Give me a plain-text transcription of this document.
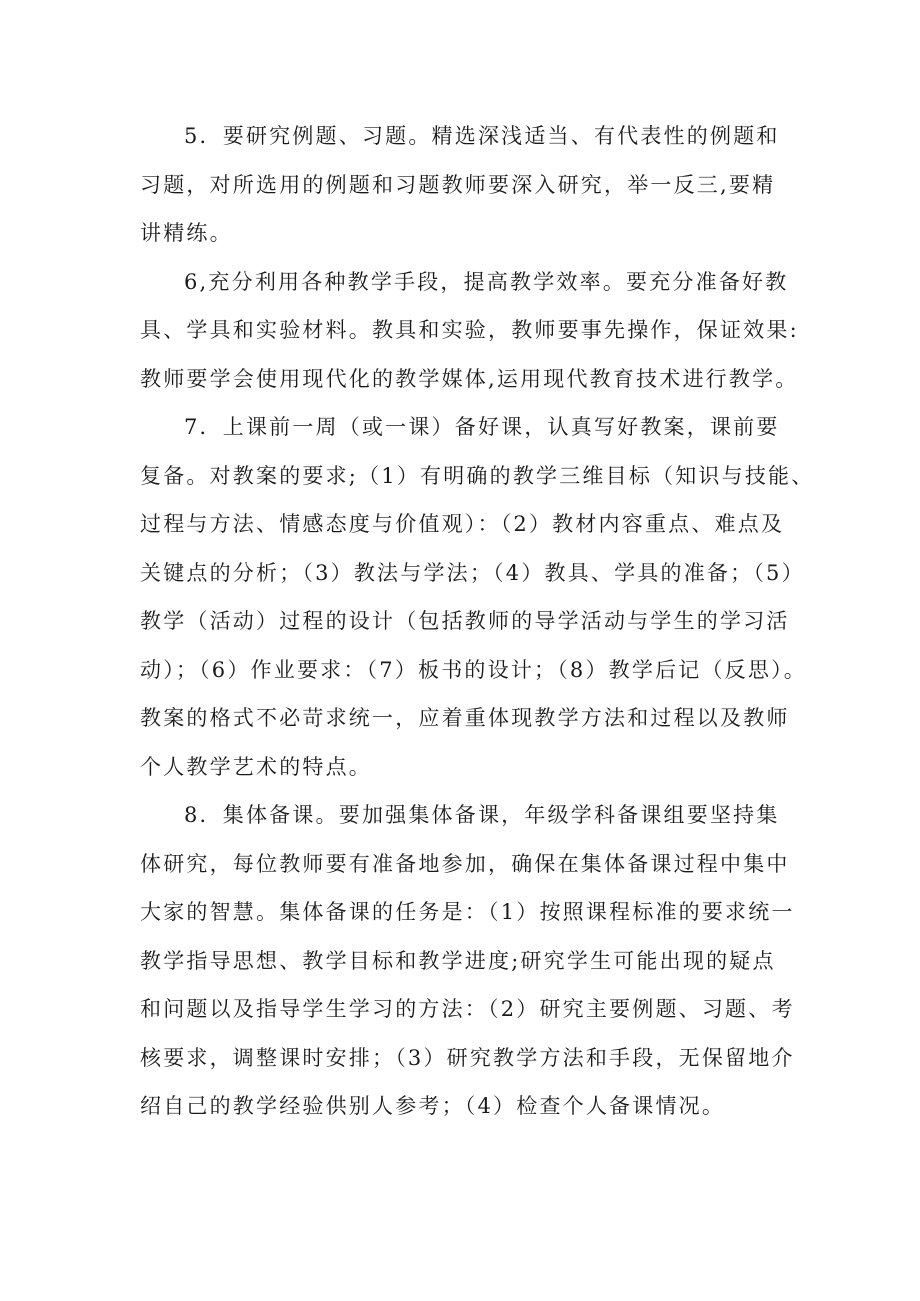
5．要研究例题、习题。精选深浅适当、有代表性的例题和
习题，对所选用的例题和习题教师要深入研究，举一反三,要精
讲精练。
6,充分利用各种教学手段，提高教学效率。要充分准备好教
具、学具和实验材料。教具和实验，教师要事先操作，保证效果:
教师要学会使用现代化的教学媒体,运用现代教育技术进行教学。
7．上课前一周（或一课）备好课，认真写好教案，课前要
复备。对教案的要求;（1）有明确的教学三维目标（知识与技能、
过程与方法、情感态度与价值观）：（2）教材内容重点、难点及
关键点的分析；（3）教法与学法；（4）教具、学具的准备；（5）
教学（活动）过程的设计（包括教师的导学活动与学生的学习活
动）；（6）作业要求：（7）板书的设计；（8）教学后记（反思）。
教案的格式不必苛求统一，应着重体现教学方法和过程以及教师
个人教学艺术的特点。
8．集体备课。要加强集体备课，年级学科备课组要坚持集
体研究，每位教师要有准备地参加，确保在集体备课过程中集中
大家的智慧。集体备课的任务是：（1）按照课程标准的要求统一
教学指导思想、教学目标和教学进度;研究学生可能出现的疑点
和问题以及指导学生学习的方法：（2）研究主要例题、习题、考
核要求，调整课时安排；（3）研究教学方法和手段，无保留地介
绍自己的教学经验供别人参考；（4）检查个人备课情况。
